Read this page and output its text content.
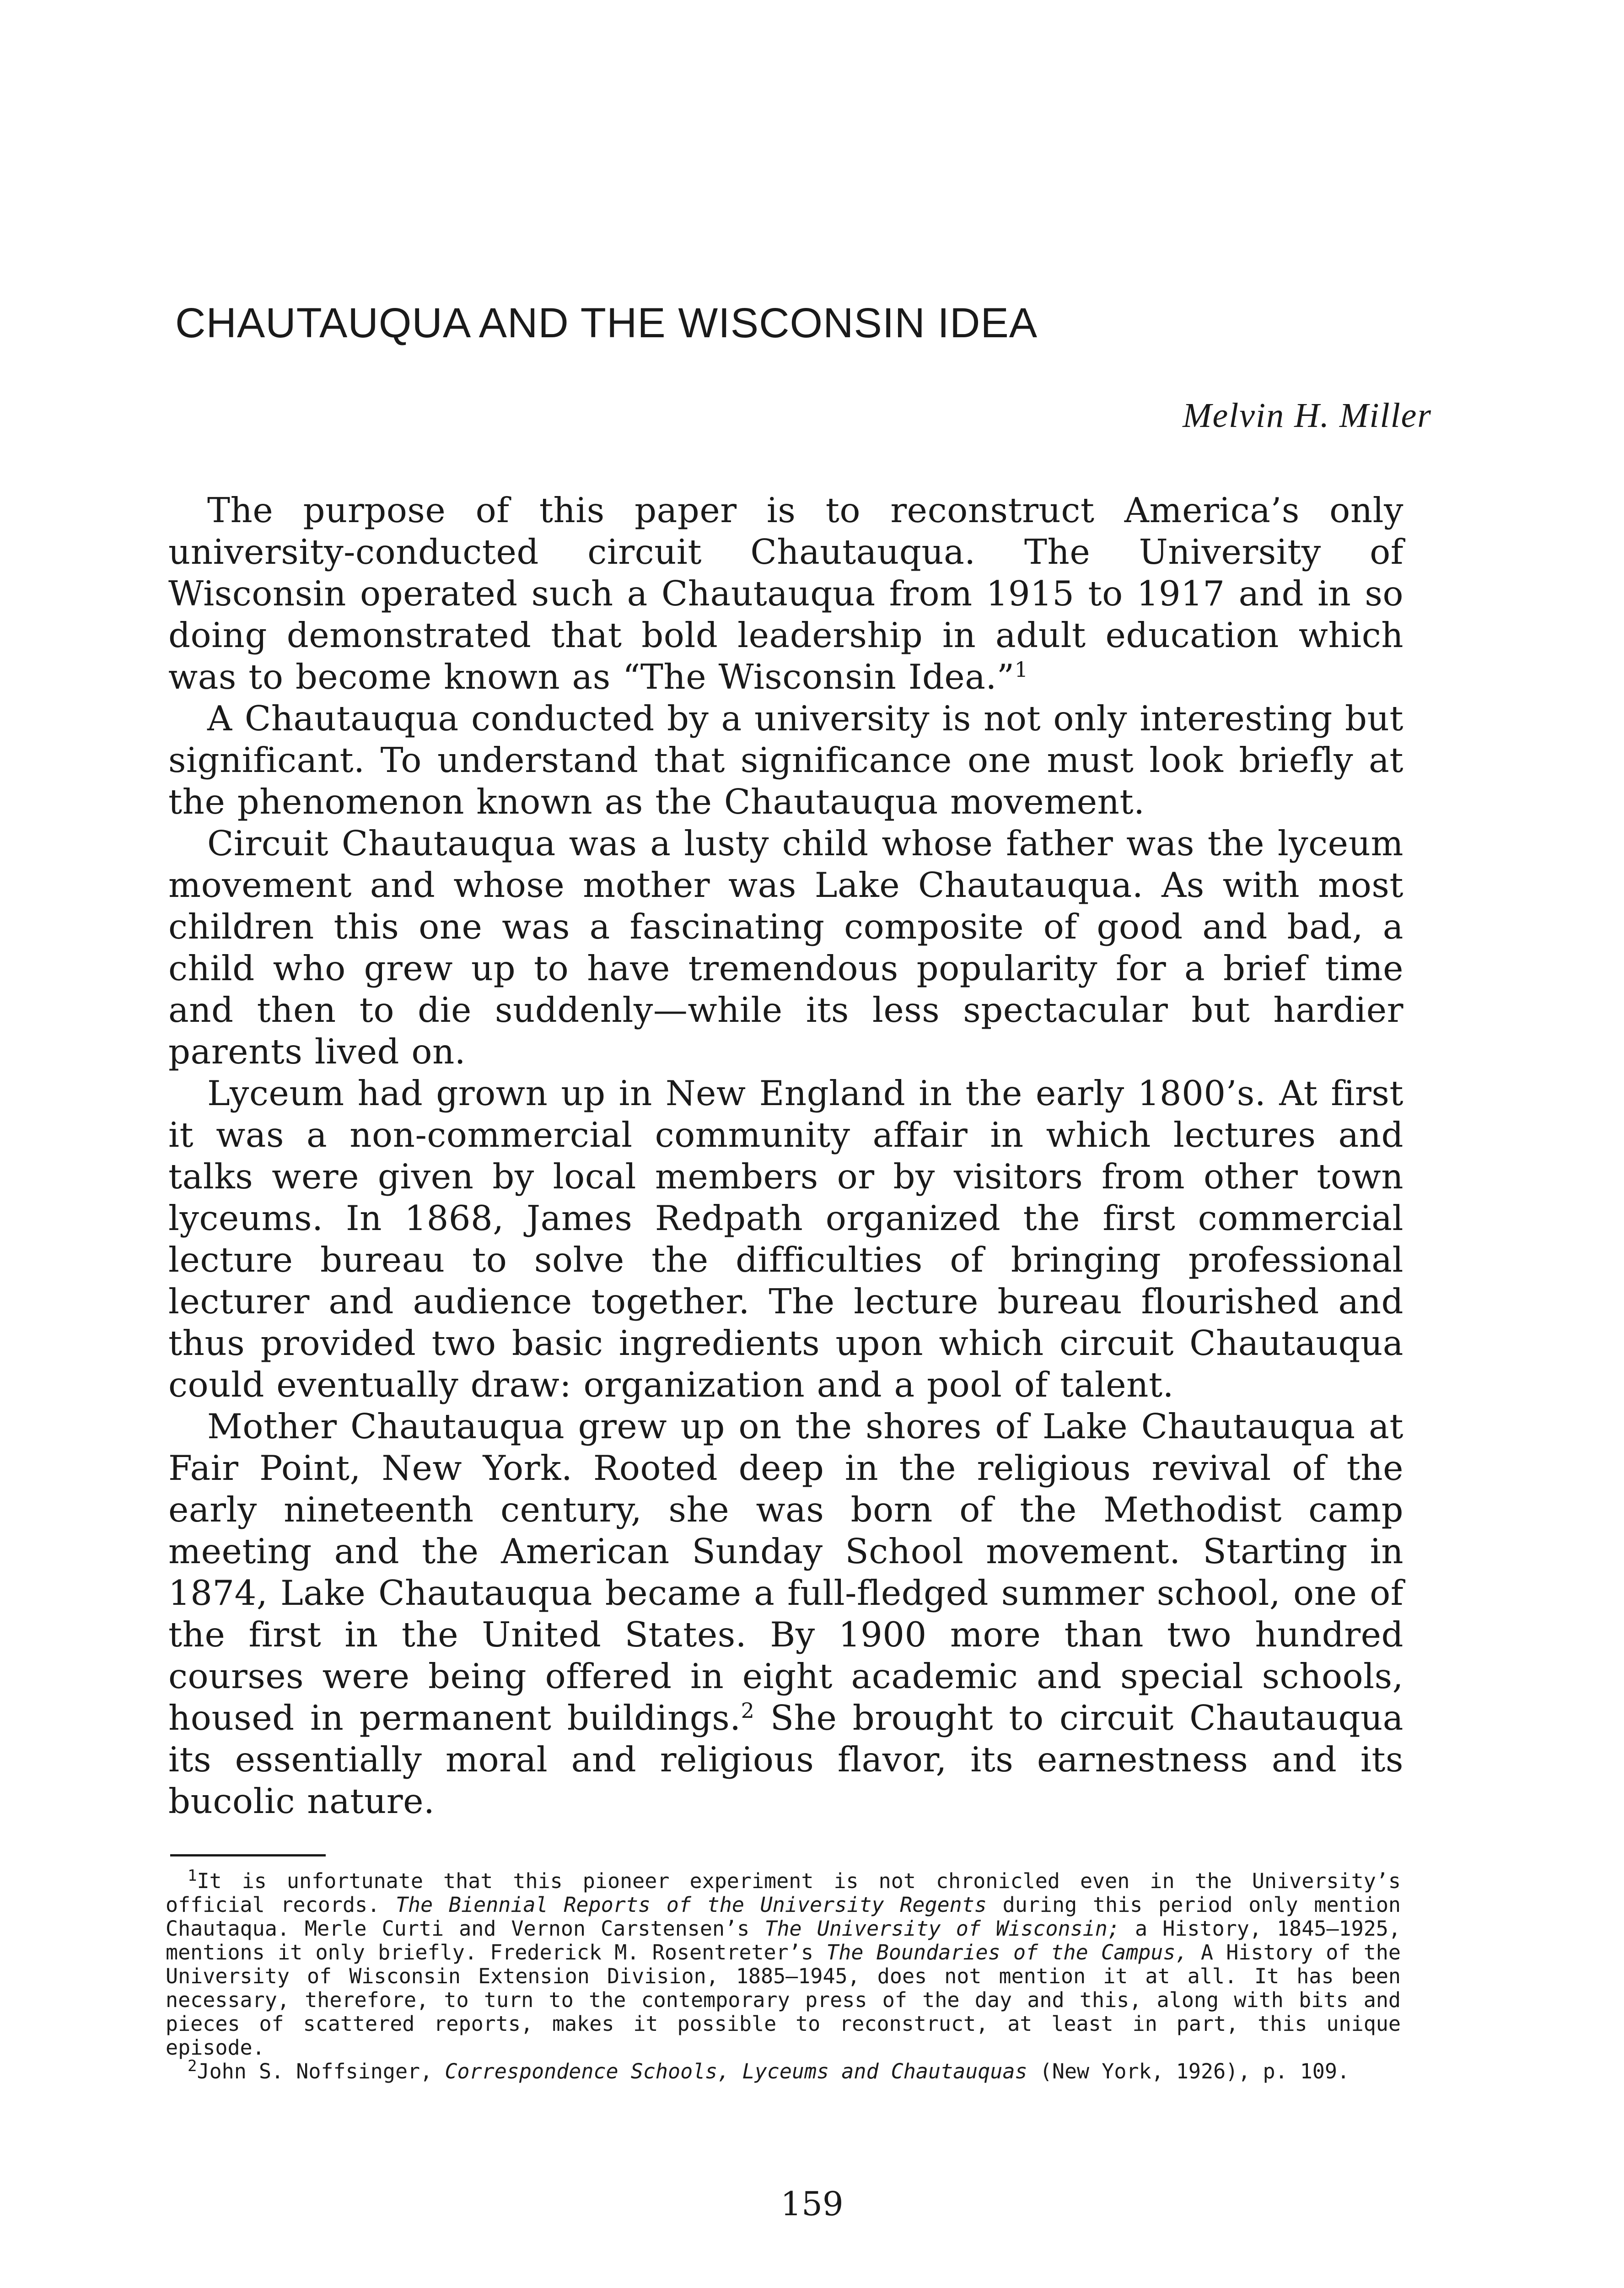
CHAUTAUQUA AND THE WISCONSIN IDEA
Melvin H. Miller

The purpose of this paper is to reconstruct America’s only university-conducted circuit Chautauqua. The University of Wisconsin operated such a Chautauqua from 1915 to 1917 and in so doing demonstrated that bold leadership in adult education which was to become known as “The Wisconsin Idea.”$^1$

A Chautauqua conducted by a university is not only interesting but significant. To understand that significance one must look briefly at the phenomenon known as the Chautauqua movement.

Circuit Chautauqua was a lusty child whose father was the lyceum movement and whose mother was Lake Chautauqua. As with most children this one was a fascinating composite of good and bad, a child who grew up to have tremendous popularity for a brief time and then to die suddenly—while its less spectacular but hardier parents lived on.

Lyceum had grown up in New England in the early 1800’s. At first it was a non-commercial community affair in which lectures and talks were given by local members or by visitors from other town lyceums. In 1868, James Redpath organized the first commercial lecture bureau to solve the difficulties of bringing professional lecturer and audience together. The lecture bureau flourished and thus provided two basic ingredients upon which circuit Chautauqua could eventually draw: organization and a pool of talent.

Mother Chautauqua grew up on the shores of Lake Chautauqua at Fair Point, New York. Rooted deep in the religious revival of the early nineteenth century, she was born of the Methodist camp meeting and the American Sunday School movement. Starting in 1874, Lake Chautauqua became a full-fledged summer school, one of the first in the United States. By 1900 more than two hundred courses were being offered in eight academic and special schools, housed in permanent buildings.$^2$ She brought to circuit Chautauqua its essentially moral and religious flavor, its earnestness and its bucolic nature.

$^1$It is unfortunate that this pioneer experiment is not chronicled even in the University’s official records. The Biennial Reports of the University Regents during this period only mention Chautaqua. Merle Curti and Vernon Carstensen’s The University of Wisconsin; a History, 1845–1925, mentions it only briefly. Frederick M. Rosentreter’s The Boundaries of the Campus, A History of the University of Wisconsin Extension Division, 1885–1945, does not mention it at all. It has been necessary, therefore, to turn to the contemporary press of the day and this, along with bits and pieces of scattered reports, makes it possible to reconstruct, at least in part, this unique episode.

$^2$John S. Noffsinger, Correspondence Schools, Lyceums and Chautauquas (New York, 1926), p. 109.

159
